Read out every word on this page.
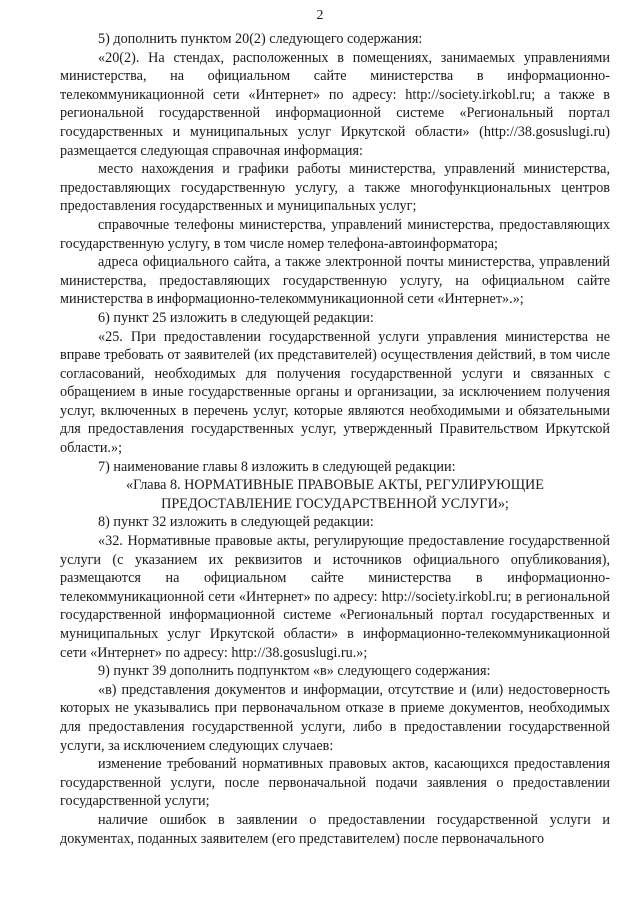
2

5) дополнить пунктом 20(2) следующего содержания:

«20(2). На стендах, расположенных в помещениях, занимаемых управлениями министерства, на официальном сайте министерства в информационно-телекоммуникационной сети «Интернет» по адресу: http://society.irkobl.ru; а также в региональной государственной информационной системе «Региональный портал государственных и муниципальных услуг Иркутской области» (http://38.gosuslugi.ru) размещается следующая справочная информация:

место нахождения и графики работы министерства, управлений министерства, предоставляющих государственную услугу, а также многофункциональных центров предоставления государственных и муниципальных услуг;

справочные телефоны министерства, управлений министерства, предоставляющих государственную услугу, в том числе номер телефона-автоинформатора;

адреса официального сайта, а также электронной почты министерства, управлений министерства, предоставляющих государственную услугу, на официальном сайте министерства в информационно-телекоммуникационной сети «Интернет».»;

6) пункт 25 изложить в следующей редакции:

«25. При предоставлении государственной услуги управления министерства не вправе требовать от заявителей (их представителей) осуществления действий, в том числе согласований, необходимых для получения государственной услуги и связанных с обращением в иные государственные органы и организации, за исключением получения услуг, включенных в перечень услуг, которые являются необходимыми и обязательными для предоставления государственных услуг, утвержденный Правительством Иркутской области.»;

7) наименование главы 8 изложить в следующей редакции:

«Глава 8. НОРМАТИВНЫЕ ПРАВОВЫЕ АКТЫ, РЕГУЛИРУЮЩИЕ ПРЕДОСТАВЛЕНИЕ ГОСУДАРСТВЕННОЙ УСЛУГИ»;

8) пункт 32 изложить в следующей редакции:

«32. Нормативные правовые акты, регулирующие предоставление государственной услуги (с указанием их реквизитов и источников официального опубликования), размещаются на официальном сайте министерства в информационно-телекоммуникационной сети «Интернет» по адресу: http://society.irkobl.ru; в региональной государственной информационной системе «Региональный портал государственных и муниципальных услуг Иркутской области» в информационно-телекоммуникационной сети «Интернет» по адресу: http://38.gosuslugi.ru.»;

9) пункт 39 дополнить подпунктом «в» следующего содержания:

«в) представления документов и информации, отсутствие и (или) недостоверность которых не указывались при первоначальном отказе в приеме документов, необходимых для предоставления государственной услуги, либо в предоставлении государственной услуги, за исключением следующих случаев:

изменение требований нормативных правовых актов, касающихся предоставления государственной услуги, после первоначальной подачи заявления о предоставлении государственной услуги;

наличие ошибок в заявлении о предоставлении государственной услуги и документах, поданных заявителем (его представителем) после первоначального
